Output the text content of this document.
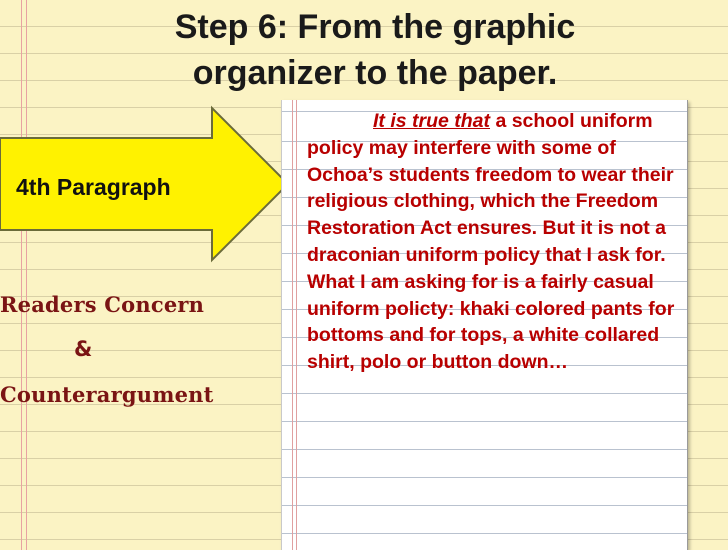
Step 6: From the graphic
organizer to the paper.
4th Paragraph
Readers Concern
&
Counterargument
It is true that a school uniform policy may interfere with some of Ochoa’s students freedom to wear their religious clothing, which the Freedom Restoration Act ensures. But it is not a draconian uniform policy that I ask for. What I am asking for is a fairly casual uniform policty: khaki colored pants for bottoms and for tops, a white collared shirt, polo or button down…
